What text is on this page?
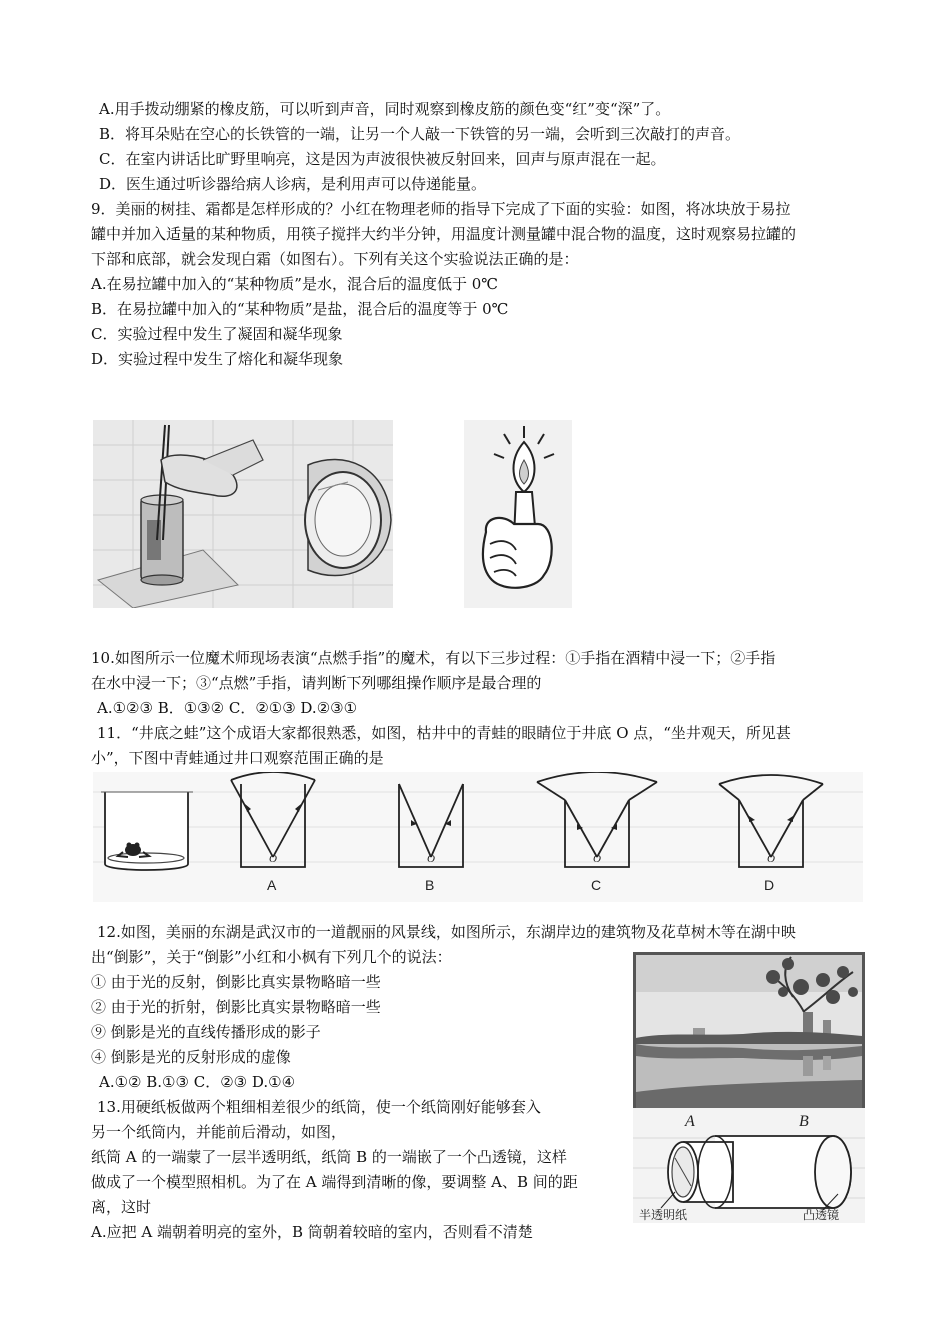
A.用手拨动绷紧的橡皮筋，可以听到声音，同时观察到橡皮筋的颜色变“红”变“深”了。
B．将耳朵贴在空心的长铁管的一端，让另一个人敲一下铁管的另一端，会听到三次敲打的声音。
C．在室内讲话比旷野里响亮，这是因为声波很快被反射回来，回声与原声混在一起。
D．医生通过听诊器给病人诊病，是利用声可以侍递能量。
9．美丽的树挂、霜都是怎样形成的？小红在物理老师的指导下完成了下面的实验：如图，将冰块放于易拉
罐中并加入适量的某种物质，用筷子搅拌大约半分钟，用温度计测量罐中混合物的温度，这时观察易拉罐的
下部和底部，就会发现白霜（如图右）。下列有关这个实验说法正确的是：
A.在易拉罐中加入的“某种物质”是水，混合后的温度低于 0℃
B．在易拉罐中加入的“某种物质”是盐，混合后的温度等于 0℃
C．实验过程中发生了凝固和凝华现象
D．实验过程中发生了熔化和凝华现象
10.如图所示一位魔术师现场表演“点燃手指”的魔术，有以下三步过程：①手指在酒精中浸一下；②手指
在水中浸一下；③“点燃”手指，请判断下列哪组操作顺序是最合理的
A.①②③ B．①③② C．②①③ D.②③①
11．“井底之蛙”这个成语大家都很熟悉，如图，枯井中的青蛙的眼睛位于井底 O 点，“坐井观天，所见甚
小”，下图中青蛙通过井口观察范围正确的是
O	O	O	O
A	B	C	D
12.如图，美丽的东湖是武汉市的一道靓丽的风景线，如图所示，东湖岸边的建筑物及花草树木等在湖中映
出“倒影”，关于“倒影”小红和小枫有下列几个的说法：
① 由于光的反射，倒影比真实景物略暗一些
② 由于光的折射，倒影比真实景物略暗一些
⑨ 倒影是光的直线传播形成的影子
④ 倒影是光的反射形成的虚像
A.①② B.①③ C．②③ D.①④
A	B
半透明纸	凸透镜
13.用硬纸板做两个粗细相差很少的纸筒，使一个纸筒刚好能够套入
另一个纸筒内，并能前后滑动，如图，
纸筒 A 的一端蒙了一层半透明纸，纸筒 B 的一端嵌了一个凸透镜，这样
做成了一个模型照相机。为了在 A 端得到清晰的像，要调整 A、B 间的距
离，这时
A.应把 A 端朝着明亮的室外，B 筒朝着较暗的室内，否则看不清楚
